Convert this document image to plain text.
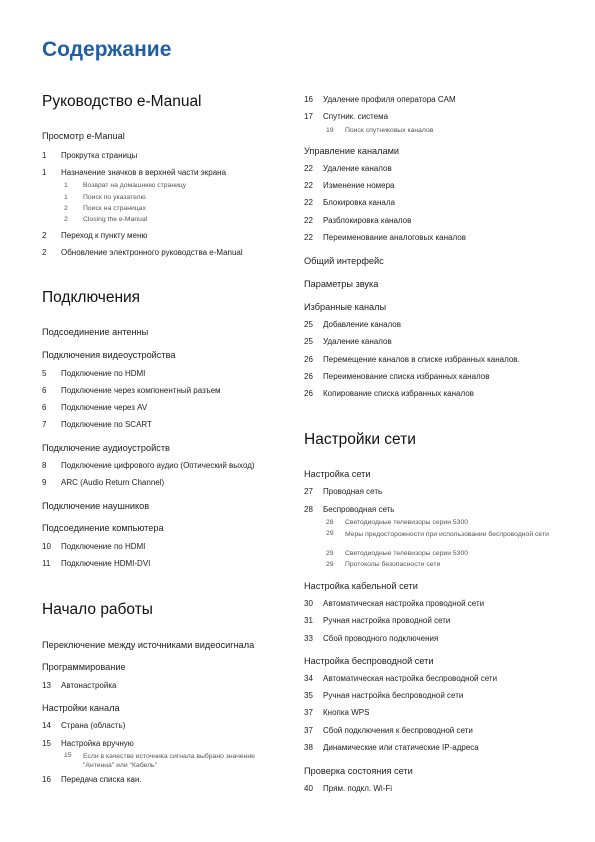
Содержание
Руководство e-Manual
Просмотр e-Manual
1 Прокрутка страницы
1 Назначение значков в верхней части экрана
1 Возврат на домашнюю страницу
1 Поиск по указателю
2 Поиск на страницах
2 Closing the e-Manual
2 Переход к пункту меню
2 Обновление электронного руководства e-Manual
Подключения
Подсоединение антенны
Подключения видеоустройства
5 Подключение по HDMI
6 Подключение через компонентный разъем
6 Подключение через AV
7 Подключение по SCART
Подключение аудиоустройств
8 Подключение цифрового аудио (Оптический выход)
9 ARC (Audio Return Channel)
Подключение наушников
Подсоединение компьютера
10 Подключение по HDMI
11 Подключение HDMI-DVI
Начало работы
Переключение между источниками видеосигнала
Программирование
13 Автонастройка
Настройки канала
14 Страна (область)
15 Настройка вручную
15	Если в качестве источника сигнала выбрано значение "Антенна" или "Кабель"
16 Передача списка кан.
16 Удаление профиля оператора CAM
17 Спутник. система
19 Поиск спутниковых каналов
Управление каналами
22 Удаление каналов
22 Изменение номера
22 Блокировка канала
22 Разблокировка каналов
22 Переименование аналоговых каналов
Общий интерфейс
Параметры звука
Избранные каналы
25 Добавление каналов
25 Удаление каналов
26 Перемещение каналов в списке избранных каналов.
26 Переименование списка избранных каналов
26 Копирование списка избранных каналов
Настройки сети
Настройка сети
27 Проводная сеть
28 Беспроводная сеть
28 Светодиодные телевизоры серии 5300
29	Меры предосторожности при использовании беспроводной сети
29 Светодиодные телевизоры серии 5300
29 Протоколы безопасности сети
Настройка кабельной сети
30 Автоматическая настройка проводной сети
31 Ручная настройка проводной сети
33 Сбой проводного подключения
Настройка беспроводной сети
34 Автоматическая настройка беспроводной сети
35 Ручная настройка беспроводной сети
37 Кнопка WPS
37 Сбой подключения к беспроводной сети
38 Динамические или статические IP-адреса
Проверка состояния сети
40 Прям. подкл. Wi-Fi
